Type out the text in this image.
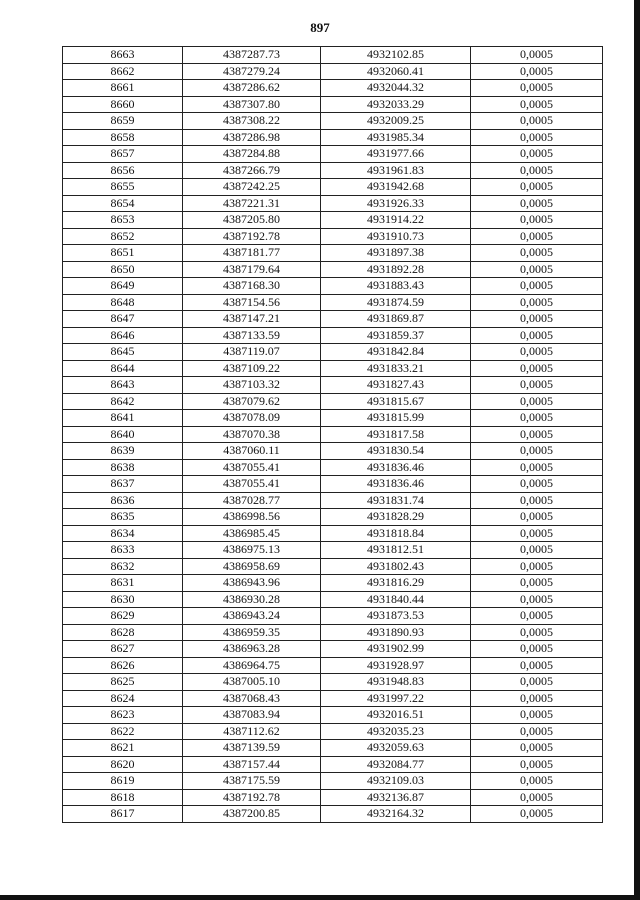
897
8663	4387287.73	4932102.85	0,0005
8662	4387279.24	4932060.41	0,0005
8661	4387286.62	4932044.32	0,0005
8660	4387307.80	4932033.29	0,0005
8659	4387308.22	4932009.25	0,0005
8658	4387286.98	4931985.34	0,0005
8657	4387284.88	4931977.66	0,0005
8656	4387266.79	4931961.83	0,0005
8655	4387242.25	4931942.68	0,0005
8654	4387221.31	4931926.33	0,0005
8653	4387205.80	4931914.22	0,0005
8652	4387192.78	4931910.73	0,0005
8651	4387181.77	4931897.38	0,0005
8650	4387179.64	4931892.28	0,0005
8649	4387168.30	4931883.43	0,0005
8648	4387154.56	4931874.59	0,0005
8647	4387147.21	4931869.87	0,0005
8646	4387133.59	4931859.37	0,0005
8645	4387119.07	4931842.84	0,0005
8644	4387109.22	4931833.21	0,0005
8643	4387103.32	4931827.43	0,0005
8642	4387079.62	4931815.67	0,0005
8641	4387078.09	4931815.99	0,0005
8640	4387070.38	4931817.58	0,0005
8639	4387060.11	4931830.54	0,0005
8638	4387055.41	4931836.46	0,0005
8637	4387055.41	4931836.46	0,0005
8636	4387028.77	4931831.74	0,0005
8635	4386998.56	4931828.29	0,0005
8634	4386985.45	4931818.84	0,0005
8633	4386975.13	4931812.51	0,0005
8632	4386958.69	4931802.43	0,0005
8631	4386943.96	4931816.29	0,0005
8630	4386930.28	4931840.44	0,0005
8629	4386943.24	4931873.53	0,0005
8628	4386959.35	4931890.93	0,0005
8627	4386963.28	4931902.99	0,0005
8626	4386964.75	4931928.97	0,0005
8625	4387005.10	4931948.83	0,0005
8624	4387068.43	4931997.22	0,0005
8623	4387083.94	4932016.51	0,0005
8622	4387112.62	4932035.23	0,0005
8621	4387139.59	4932059.63	0,0005
8620	4387157.44	4932084.77	0,0005
8619	4387175.59	4932109.03	0,0005
8618	4387192.78	4932136.87	0,0005
8617	4387200.85	4932164.32	0,0005
